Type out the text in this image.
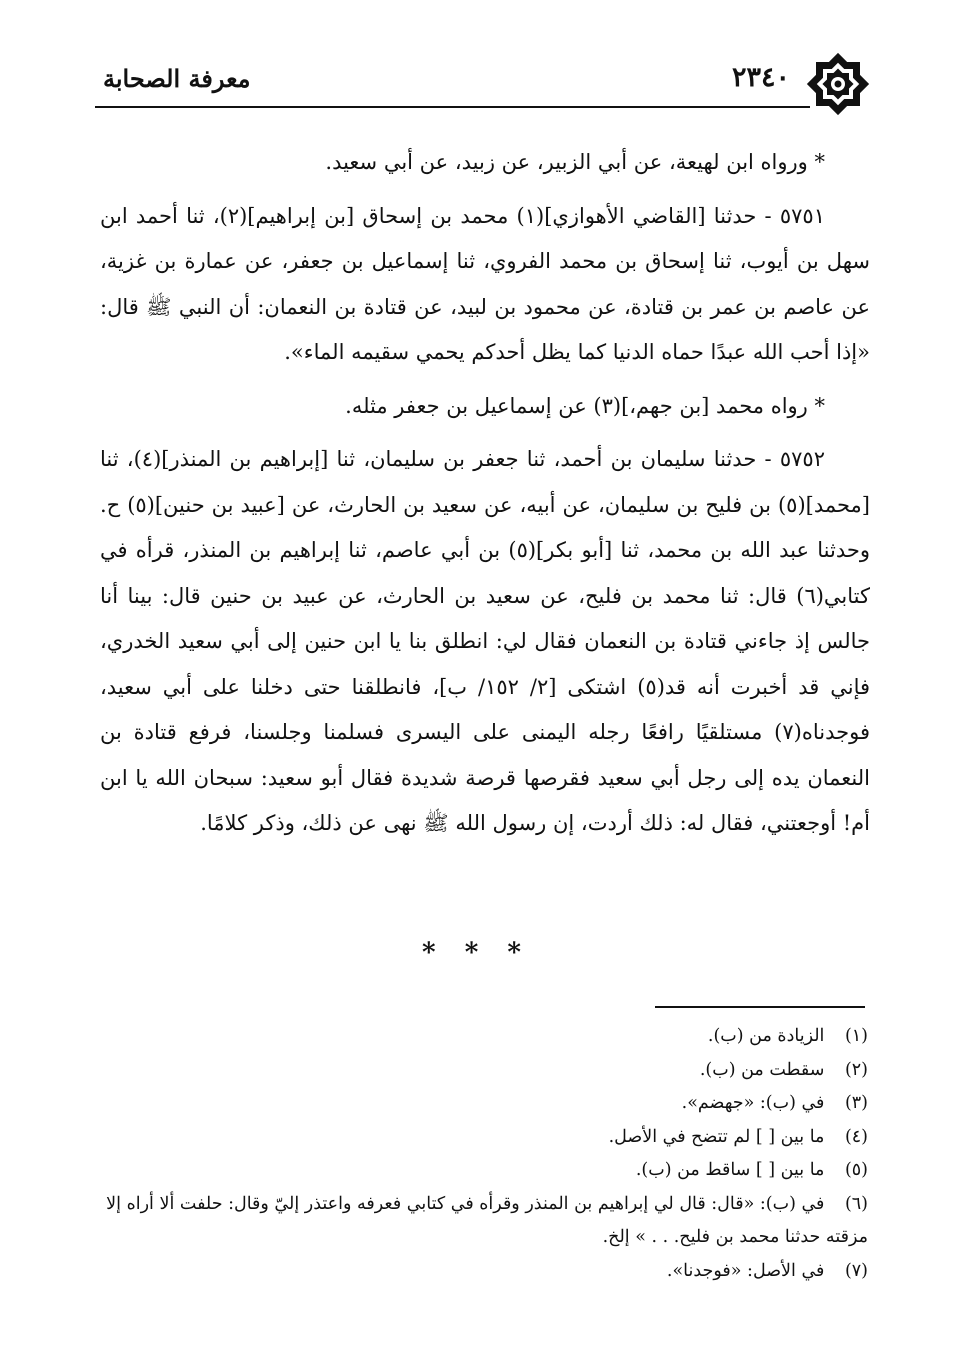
٢٣٤٠
معرفة الصحابة

* ورواه ابن لهيعة، عن أبي الزبير، عن زبيد، عن أبي سعيد.

٥٧٥١ - حدثنا [القاضي الأهوازي](١) محمد بن إسحاق [بن إبراهيم](٢)، ثنا أحمد ابن سهل بن أيوب، ثنا إسحاق بن محمد الفروي، ثنا إسماعيل بن جعفر، عن عمارة بن غزية، عن عاصم بن عمر بن قتادة، عن محمود بن لبيد، عن قتادة بن النعمان: أن النبي ﷺ قال: «إذا أحب الله عبدًا حماه الدنيا كما يظل أحدكم يحمي سقيمه الماء».

* رواه محمد [بن جهم،](٣) عن إسماعيل بن جعفر مثله.

٥٧٥٢ - حدثنا سليمان بن أحمد، ثنا جعفر بن سليمان، ثنا [إبراهيم بن المنذر](٤)، ثنا [محمد](٥) بن فليح بن سليمان، عن أبيه، عن سعيد بن الحارث، عن [عبيد بن حنين](٥) ح. وحدثنا عبد الله بن محمد، ثنا [أبو بكر](٥) بن أبي عاصم، ثنا إبراهيم بن المنذر، قرأه في كتابي(٦) قال: ثنا محمد بن فليح، عن سعيد بن الحارث، عن عبيد بن حنين قال: بينا أنا جالس إذ جاءني قتادة بن النعمان فقال لي: انطلق بنا يا ابن حنين إلى أبي سعيد الخدري، فإني قد أخبرت أنه قد(٥) اشتكى [٢/ ١٥٢/ ب]، فانطلقنا حتى دخلنا على أبي سعيد، فوجدناه(٧) مستلقيًا رافعًا رجله اليمنى على اليسرى فسلمنا وجلسنا، فرفع قتادة بن النعمان يده إلى رجل أبي سعيد فقرصها قرصة شديدة فقال أبو سعيد: سبحان الله يا ابن أم! أوجعتني، فقال له: ذلك أردت، إن رسول الله ﷺ نهى عن ذلك، وذكر كلامًا.

* * *

(١) الزيادة من (ب).

(٢) سقطت من (ب).

(٣) في (ب): «جهضم».

(٤) ما بين [ ] لم تتضح في الأصل.

(٥) ما بين [ ] ساقط من (ب).

(٦) في (ب): «قال: قال لي إبراهيم بن المنذر وقرأه في كتابي فعرفه واعتذر إليّ وقال: حلفت ألا أراه إلا مزقته حدثنا محمد بن فليح. . . » إلخ.

(٧) في الأصل: «فوجدنا».
